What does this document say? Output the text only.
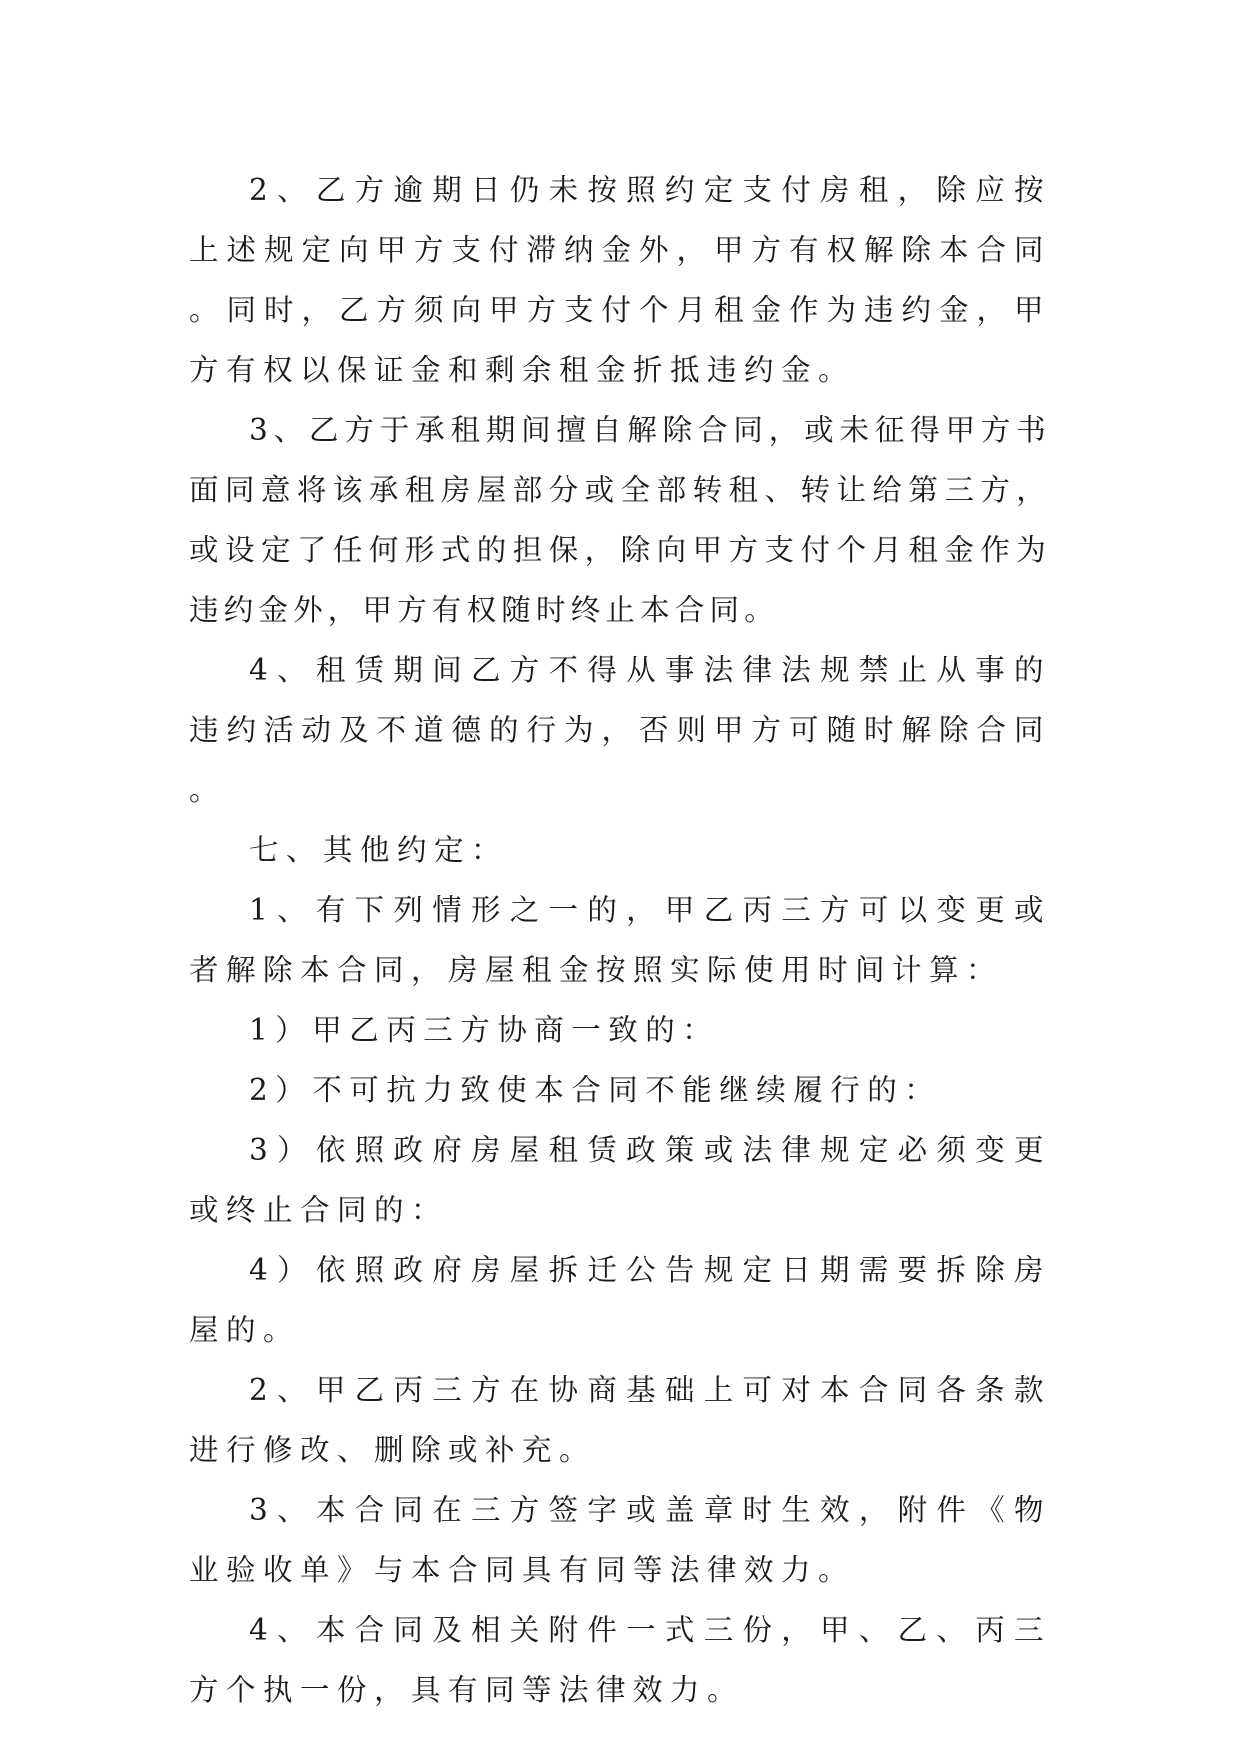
2、乙方逾期日仍未按照约定支付房租，除应按上述规定向甲方支付滞纳金外，甲方有权解除本合同。同时，乙方须向甲方支付个月租金作为违约金，甲方有权以保证金和剩余租金折抵违约金。

3、乙方于承租期间擅自解除合同，或未征得甲方书面同意将该承租房屋部分或全部转租、转让给第三方，或设定了任何形式的担保，除向甲方支付个月租金作为违约金外，甲方有权随时终止本合同。

4、租赁期间乙方不得从事法律法规禁止从事的违约活动及不道德的行为，否则甲方可随时解除合同。

七、其他约定：

1、有下列情形之一的，甲乙丙三方可以变更或者解除本合同，房屋租金按照实际使用时间计算：

1）甲乙丙三方协商一致的：

2）不可抗力致使本合同不能继续履行的：

3）依照政府房屋租赁政策或法律规定必须变更或终止合同的：

4）依照政府房屋拆迁公告规定日期需要拆除房屋的。

2、甲乙丙三方在协商基础上可对本合同各条款进行修改、删除或补充。

3、本合同在三方签字或盖章时生效，附件《物业验收单》与本合同具有同等法律效力。

4、本合同及相关附件一式三份，甲、乙、丙三方个执一份，具有同等法律效力。
